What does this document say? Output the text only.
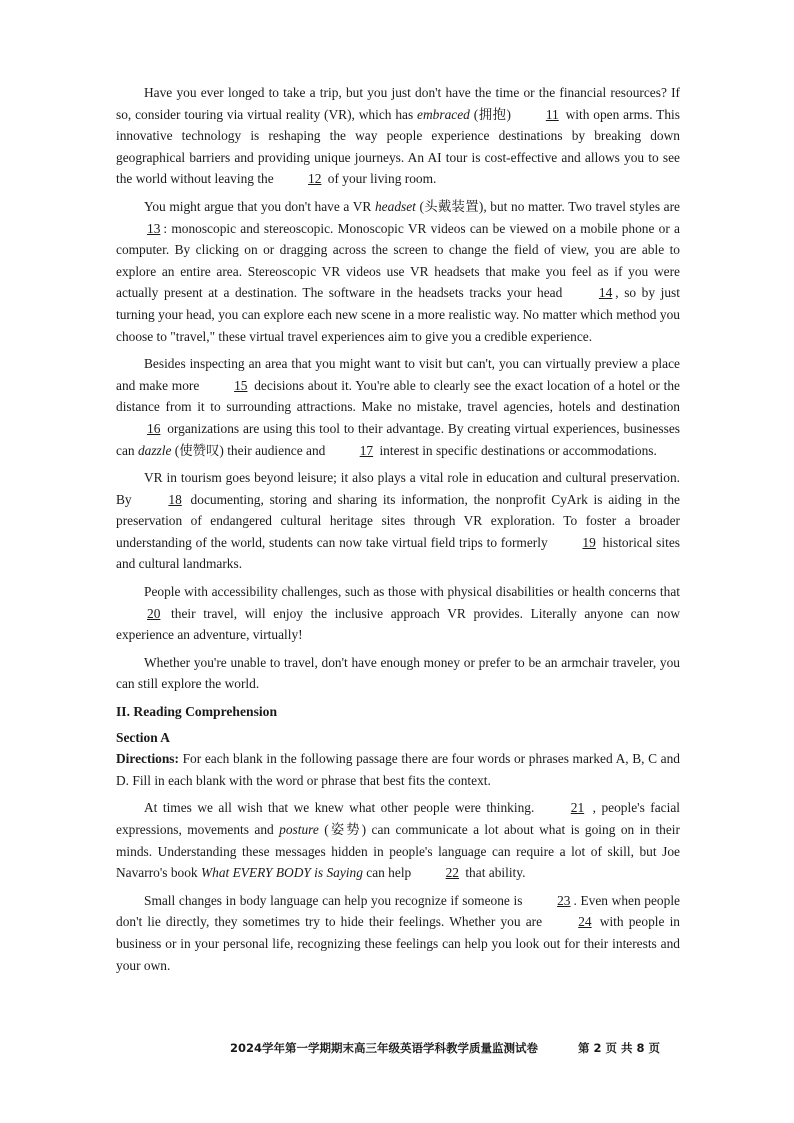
Have you ever longed to take a trip, but you just don't have the time or the financial resources? If so, consider touring via virtual reality (VR), which has embraced (拥抱) 11 with open arms. This innovative technology is reshaping the way people experience destinations by breaking down geographical barriers and providing unique journeys. An AI tour is cost-effective and allows you to see the world without leaving the 12 of your living room.

You might argue that you don't have a VR headset (头戴装置), but no matter. Two travel styles are 13 : monoscopic and stereoscopic. Monoscopic VR videos can be viewed on a mobile phone or a computer. By clicking on or dragging across the screen to change the field of view, you are able to explore an entire area. Stereoscopic VR videos use VR headsets that make you feel as if you were actually present at a destination. The software in the headsets tracks your head 14 , so by just turning your head, you can explore each new scene in a more realistic way. No matter which method you choose to "travel," these virtual travel experiences aim to give you a credible experience.

Besides inspecting an area that you might want to visit but can't, you can virtually preview a place and make more 15 decisions about it. You're able to clearly see the exact location of a hotel or the distance from it to surrounding attractions. Make no mistake, travel agencies, hotels and destination 16 organizations are using this tool to their advantage. By creating virtual experiences, businesses can dazzle (使赞叹) their audience and 17 interest in specific destinations or accommodations.

VR in tourism goes beyond leisure; it also plays a vital role in education and cultural preservation. By 18 documenting, storing and sharing its information, the nonprofit CyArk is aiding in the preservation of endangered cultural heritage sites through VR exploration. To foster a broader understanding of the world, students can now take virtual field trips to formerly 19 historical sites and cultural landmarks.

People with accessibility challenges, such as those with physical disabilities or health concerns that 20 their travel, will enjoy the inclusive approach VR provides. Literally anyone can now experience an adventure, virtually!

Whether you're unable to travel, don't have enough money or prefer to be an armchair traveler, you can still explore the world.

II. Reading Comprehension
Section A

Directions: For each blank in the following passage there are four words or phrases marked A, B, C and D. Fill in each blank with the word or phrase that best fits the context.

At times we all wish that we knew what other people were thinking. 21 , people's facial expressions, movements and posture (姿势) can communicate a lot about what is going on in their minds. Understanding these messages hidden in people's language can require a lot of skill, but Joe Navarro's book What EVERY BODY is Saying can help 22 that ability.

Small changes in body language can help you recognize if someone is 23 . Even when people don't lie directly, they sometimes try to hide their feelings. Whether you are 24 with people in business or in your personal life, recognizing these feelings can help you look out for their interests and your own.

2024学年第一学期期末高三年级英语学科教学质量监测试卷	第 2 页 共 8 页
